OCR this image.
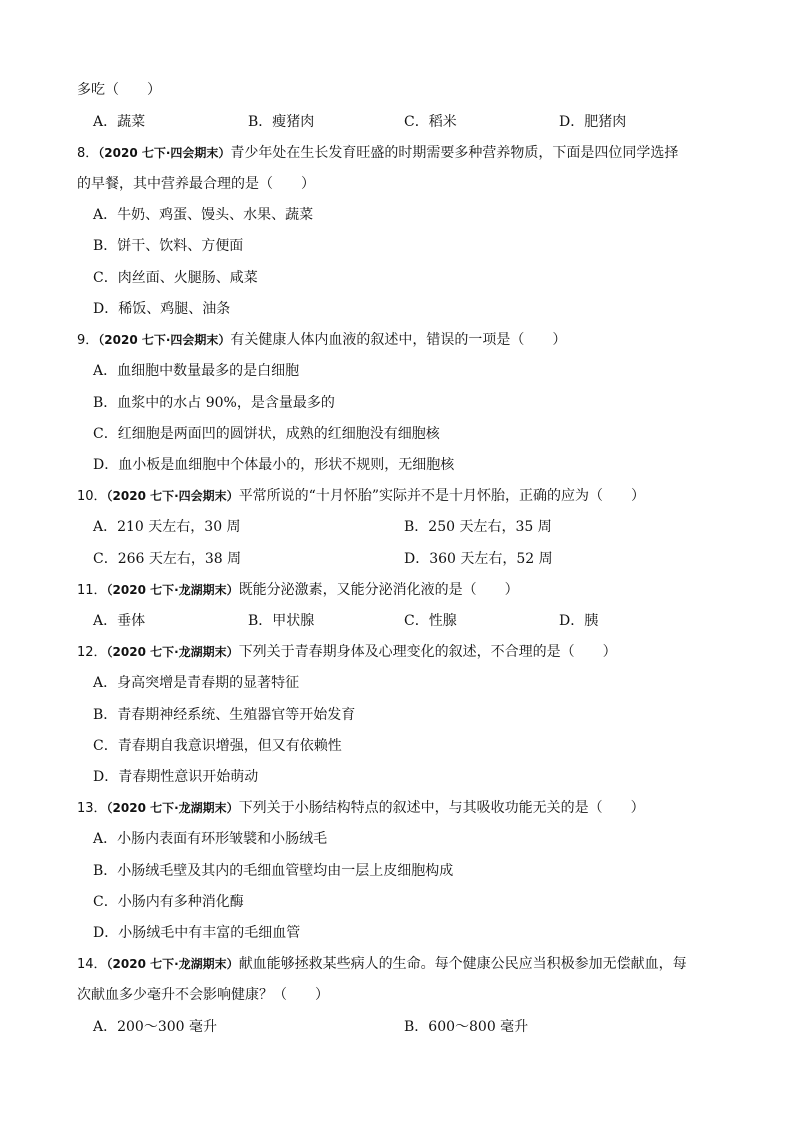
多吃（　　）
A．蔬菜	B．瘦猪肉	C．稻米	D．肥猪肉
8．（2020 七下·四会期末）青少年处在生长发育旺盛的时期需要多种营养物质，下面是四位同学选择
的早餐，其中营养最合理的是（　　）
A．牛奶、鸡蛋、馒头、水果、蔬菜
B．饼干、饮料、方便面
C．肉丝面、火腿肠、咸菜
D．稀饭、鸡腿、油条
9．（2020 七下·四会期末）有关健康人体内血液的叙述中，错误的一项是（　　）
A．血细胞中数量最多的是白细胞
B．血浆中的水占 90%，是含量最多的
C．红细胞是两面凹的圆饼状，成熟的红细胞没有细胞核
D．血小板是血细胞中个体最小的，形状不规则，无细胞核
10．（2020 七下·四会期末）平常所说的“十月怀胎”实际并不是十月怀胎，正确的应为（　　）
A．210 天左右，30 周	B．250 天左右，35 周
C．266 天左右，38 周	D．360 天左右，52 周
11．（2020 七下·龙湖期末）既能分泌激素，又能分泌消化液的是（　　）
A．垂体	B．甲状腺	C．性腺	D．胰
12．（2020 七下·龙湖期末）下列关于青春期身体及心理变化的叙述，不合理的是（　　）
A．身高突增是青春期的显著特征
B．青春期神经系统、生殖器官等开始发育
C．青春期自我意识增强，但又有依赖性
D．青春期性意识开始萌动
13．（2020 七下·龙湖期末）下列关于小肠结构特点的叙述中，与其吸收功能无关的是（　　）
A．小肠内表面有环形皱襞和小肠绒毛
B．小肠绒毛壁及其内的毛细血管壁均由一层上皮细胞构成
C．小肠内有多种消化酶
D．小肠绒毛中有丰富的毛细血管
14．（2020 七下·龙湖期末）献血能够拯救某些病人的生命。每个健康公民应当积极参加无偿献血，每
次献血多少毫升不会影响健康？（　　）
A．200～300 毫升	B．600～800 毫升
